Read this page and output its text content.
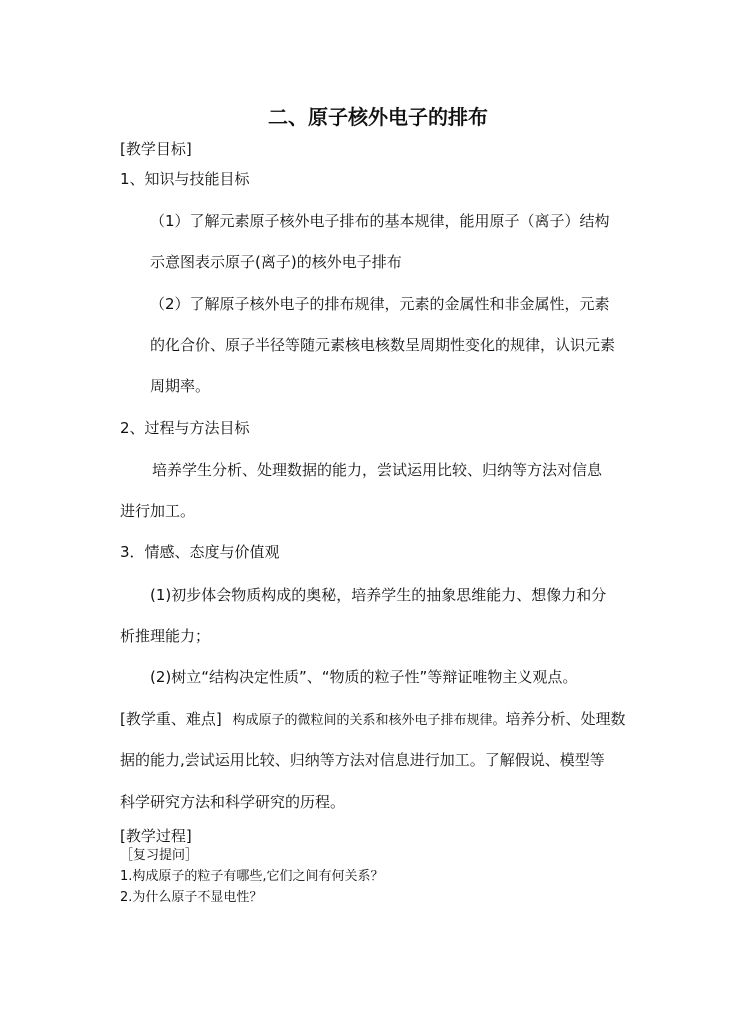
二、原子核外电子的排布
[教学目标]
1、知识与技能目标
（1）了解元素原子核外电子排布的基本规律，能用原子（离子）结构
示意图表示原子(离子)的核外电子排布
（2）了解原子核外电子的排布规律，元素的金属性和非金属性，元素
的化合价、原子半径等随元素核电核数呈周期性变化的规律，认识元素
周期率。
2、过程与方法目标
培养学生分析、处理数据的能力，尝试运用比较、归纳等方法对信息
进行加工。
3．情感、态度与价值观
(1)初步体会物质构成的奥秘，培养学生的抽象思维能力、想像力和分
析推理能力；
(2)树立“结构决定性质”、“物质的粒子性”等辩证唯物主义观点。
[教学重、难点] 构成原子的微粒间的关系和核外电子排布规律。培养分析、处理数
据的能力,尝试运用比较、归纳等方法对信息进行加工。了解假说、模型等
科学研究方法和科学研究的历程。
[教学过程]
［复习提问］
1.构成原子的粒子有哪些,它们之间有何关系？
2.为什么原子不显电性？
